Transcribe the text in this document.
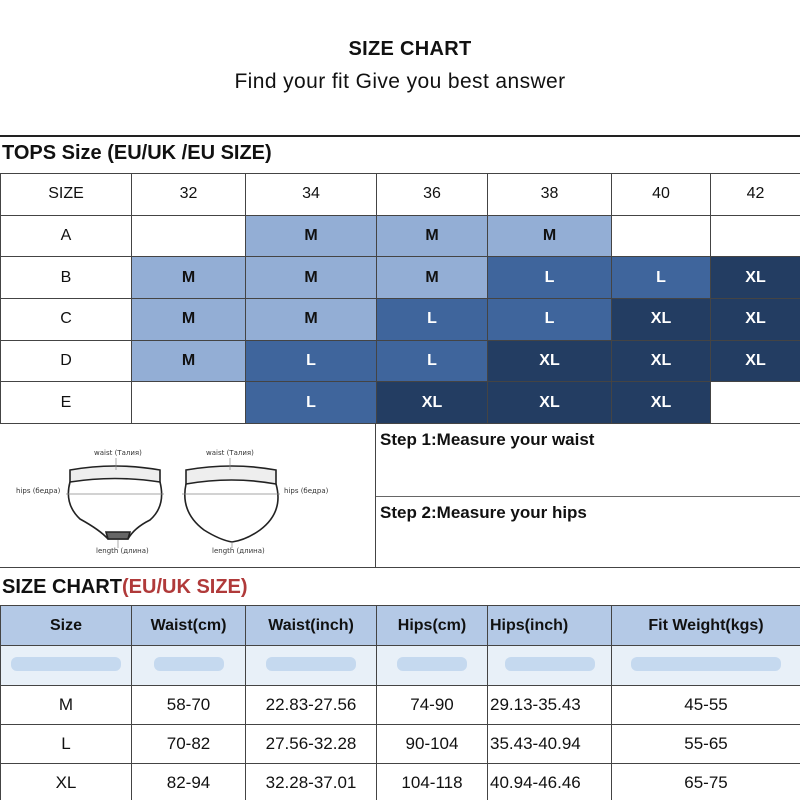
SIZE CHART
Find your fit Give you best answer
TOPS Size (EU/UK /EU SIZE)
SIZE	32	34	36	38	40	42
A		M	M	M		
B	M	M	M	L	L	XL
C	M	M	L	L	XL	XL
D	M	L	L	XL	XL	XL
E		L	XL	XL	XL	
waist (Талия)	waist (Талия)
hips (бедра)	hips (бедра)
length (длина)	length (длина)
Step 1:Measure your waist
Step 2:Measure your hips
SIZE CHART(EU/UK SIZE)
Size	Waist(cm)	Waist(inch)	Hips(cm)	Hips(inch)	Fit Weight(kgs)

M	58-70	22.83-27.56	74-90	29.13-35.43	45-55
L	70-82	27.56-32.28	90-104	35.43-40.94	55-65
XL	82-94	32.28-37.01	104-118	40.94-46.46	65-75
